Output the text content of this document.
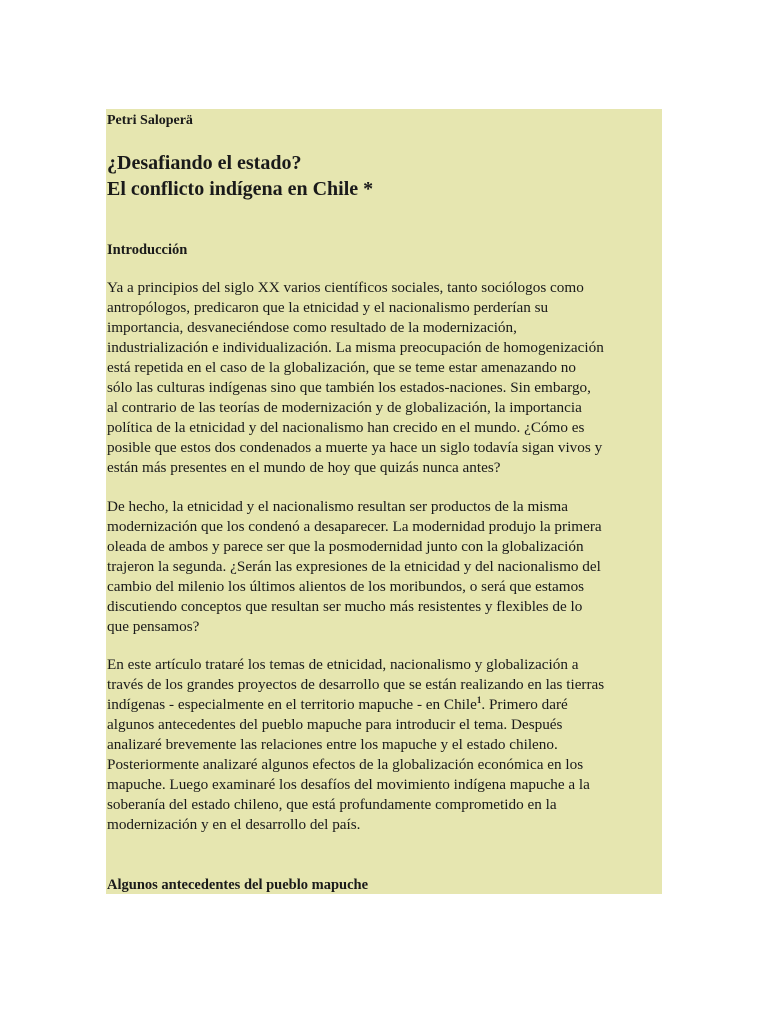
Petri Saloperä
¿Desafiando el estado?
El conflicto indígena en Chile *
Introducción
Ya a principios del siglo XX varios científicos sociales, tanto sociólogos como
antropólogos, predicaron que la etnicidad y el nacionalismo perderían su
importancia, desvaneciéndose como resultado de la modernización,
industrialización e individualización. La misma preocupación de homogenización
está repetida en el caso de la globalización, que se teme estar amenazando no
sólo las culturas indígenas sino que también los estados-naciones. Sin embargo,
al contrario de las teorías de modernización y de globalización, la importancia
política de la etnicidad y del nacionalismo han crecido en el mundo. ¿Cómo es
posible que estos dos condenados a muerte ya hace un siglo todavía sigan vivos y
están más presentes en el mundo de hoy que quizás nunca antes?
De hecho, la etnicidad y el nacionalismo resultan ser productos de la misma
modernización que los condenó a desaparecer. La modernidad produjo la primera
oleada de ambos y parece ser que la posmodernidad junto con la globalización
trajeron la segunda. ¿Serán las expresiones de la etnicidad y del nacionalismo del
cambio del milenio los últimos alientos de los moribundos, o será que estamos
discutiendo conceptos que resultan ser mucho más resistentes y flexibles de lo
que pensamos?
En este artículo trataré los temas de etnicidad, nacionalismo y globalización a
través de los grandes proyectos de desarrollo que se están realizando en las tierras
indígenas - especialmente en el territorio mapuche - en Chile$^1$. Primero daré
algunos antecedentes del pueblo mapuche para introducir el tema. Después
analizaré brevemente las relaciones entre los mapuche y el estado chileno.
Posteriormente analizaré algunos efectos de la globalización económica en los
mapuche. Luego examinaré los desafíos del movimiento indígena mapuche a la
soberanía del estado chileno, que está profundamente comprometido en la
modernización y en el desarrollo del país.
Algunos antecedentes del pueblo mapuche
